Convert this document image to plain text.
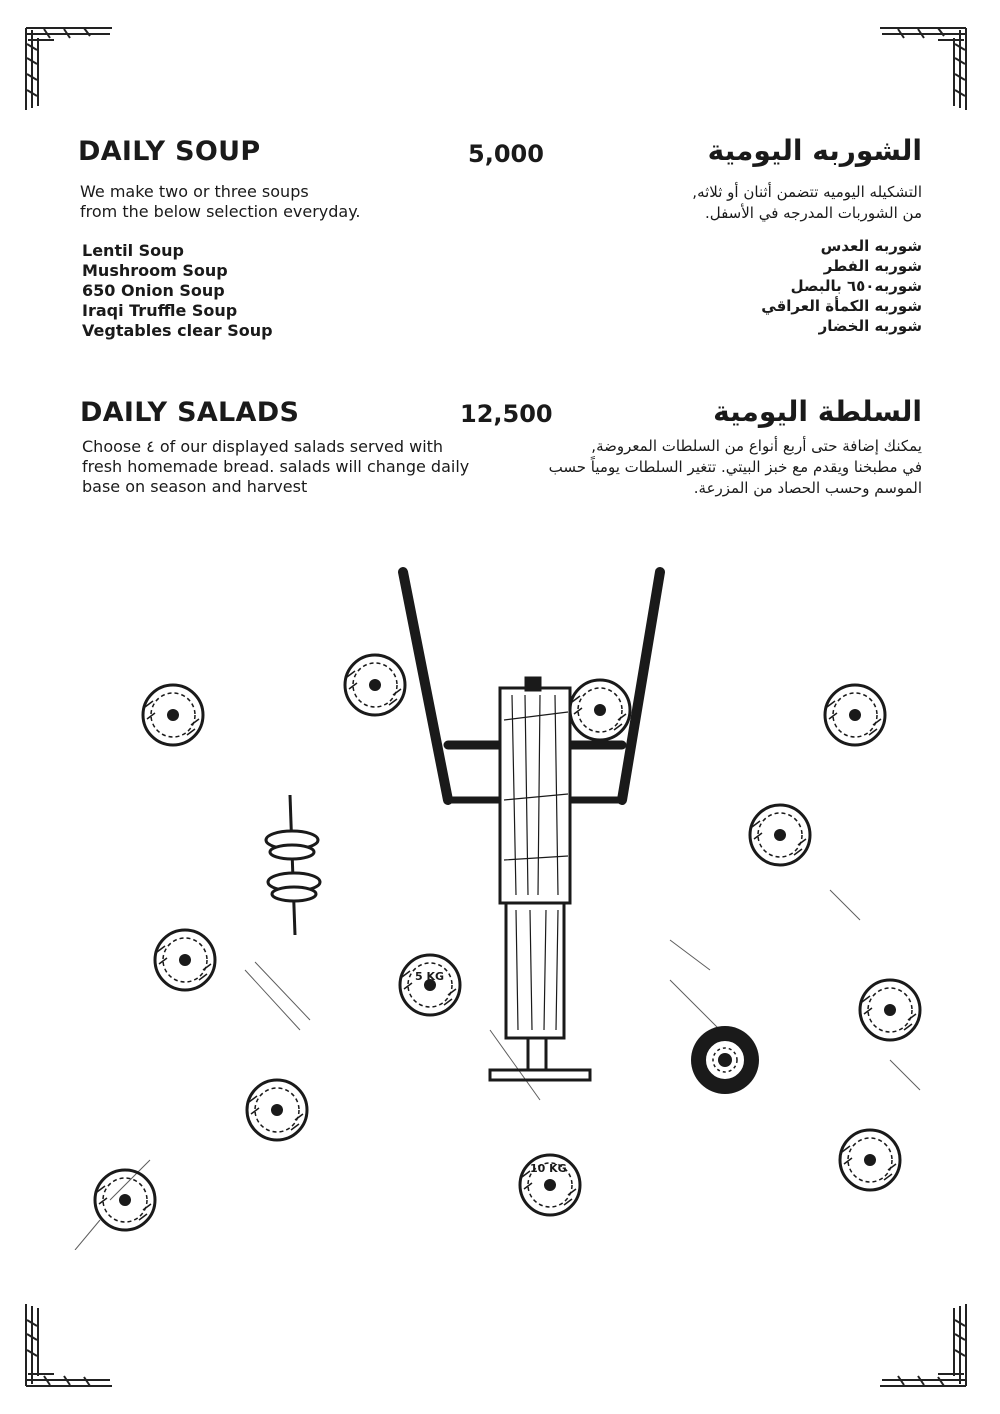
DAILY SOUP	5,000	الشوربه اليومية
We make two or three soups
from the below selection everyday.
التشكيله اليوميه تتضمن أثنان أو ثلاثه,
من الشوربات المدرجه في الأسفل.
Lentil Soup
Mushroom Soup
650 Onion Soup
Iraqi Truffle Soup
Vegtables clear Soup
شوربه العدس
شوربه الفطر
شوربه٦٥٠ بالبصل
شوربه الكمأة العراقي
شوربه الخضار
DAILY SALADS	12,500	السلطة اليومية
Choose ٤ of our displayed salads served with
fresh homemade bread. salads will change daily
base on season and harvest
يمكنك إضافة حتى أربع أنواع من السلطات المعروضة,
في مطبخنا ويقدم مع خبز البيتي. تتغير السلطات يومياً حسب
الموسم وحسب الحصاد من المزرعة.
5 KG
10 KG
